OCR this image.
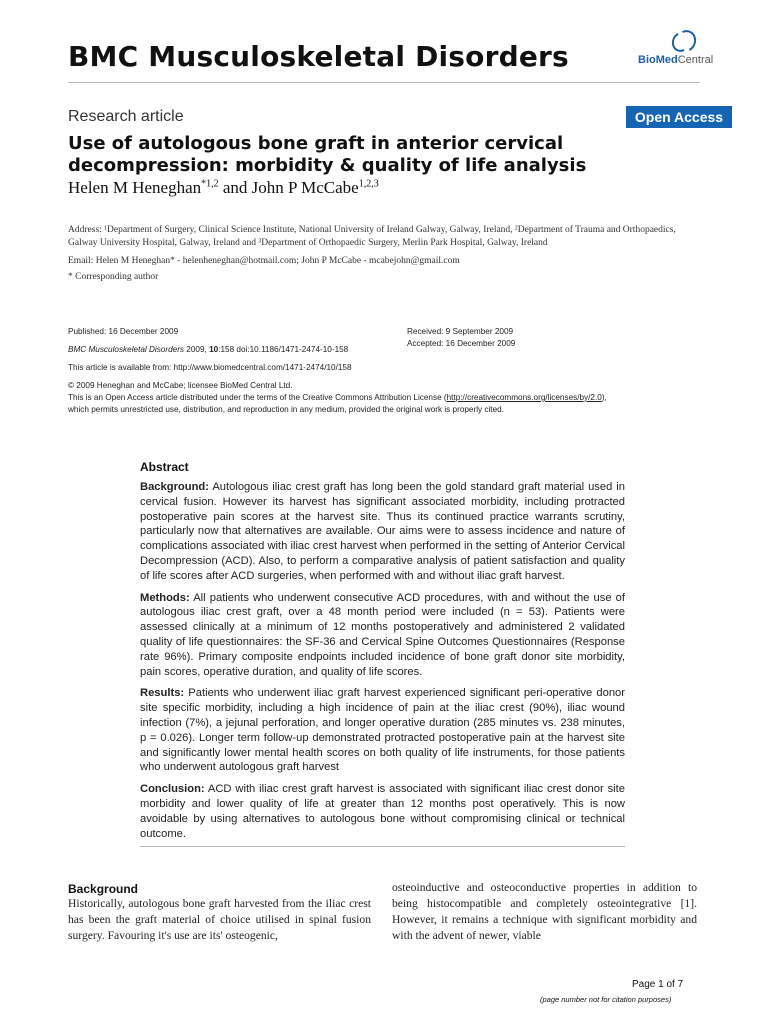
BMC Musculoskeletal Disorders	BioMedCentral
Research article	Open Access
Use of autologous bone graft in anterior cervical decompression: morbidity & quality of life analysis
Helen M Heneghan$^{*1,2}$ and John P McCabe$^{1,2,3}$
Address: ¹Department of Surgery, Clinical Science Institute, National University of Ireland Galway, Galway, Ireland, ²Department of Trauma and Orthopaedics, Galway University Hospital, Galway, Ireland and ³Department of Orthopaedic Surgery, Merlin Park Hospital, Galway, Ireland
Email: Helen M Heneghan* - helenheneghan@hotmail.com; John P McCabe - mcabejohn@gmail.com
* Corresponding author
Published: 16 December 2009
BMC Musculoskeletal Disorders 2009, 10:158 doi:10.1186/1471-2474-10-158
Received: 9 September 2009
Accepted: 16 December 2009
This article is available from: http://www.biomedcentral.com/1471-2474/10/158
© 2009 Heneghan and McCabe; licensee BioMed Central Ltd.
This is an Open Access article distributed under the terms of the Creative Commons Attribution License (http://creativecommons.org/licenses/by/2.0),
which permits unrestricted use, distribution, and reproduction in any medium, provided the original work is properly cited.
Abstract

Background: Autologous iliac crest graft has long been the gold standard graft material used in cervical fusion. However its harvest has significant associated morbidity, including protracted postoperative pain scores at the harvest site. Thus its continued practice warrants scrutiny, particularly now that alternatives are available. Our aims were to assess incidence and nature of complications associated with iliac crest harvest when performed in the setting of Anterior Cervical Decompression (ACD). Also, to perform a comparative analysis of patient satisfaction and quality of life scores after ACD surgeries, when performed with and without iliac graft harvest.

Methods: All patients who underwent consecutive ACD procedures, with and without the use of autologous iliac crest graft, over a 48 month period were included (n = 53). Patients were assessed clinically at a minimum of 12 months postoperatively and administered 2 validated quality of life questionnaires: the SF-36 and Cervical Spine Outcomes Questionnaires (Response rate 96%). Primary composite endpoints included incidence of bone graft donor site morbidity, pain scores, operative duration, and quality of life scores.

Results: Patients who underwent iliac graft harvest experienced significant peri-operative donor site specific morbidity, including a high incidence of pain at the iliac crest (90%), iliac wound infection (7%), a jejunal perforation, and longer operative duration (285 minutes vs. 238 minutes, p = 0.026). Longer term follow-up demonstrated protracted postoperative pain at the harvest site and significantly lower mental health scores on both quality of life instruments, for those patients who underwent autologous graft harvest

Conclusion: ACD with iliac crest graft harvest is associated with significant iliac crest donor site morbidity and lower quality of life at greater than 12 months post operatively. This is now avoidable by using alternatives to autologous bone without compromising clinical or technical outcome.

Background
Historically, autologous bone graft harvested from the iliac crest has been the graft material of choice utilised in spinal fusion surgery. Favouring it's use are its' osteogenic,
osteoinductive and osteoconductive properties in addition to being histocompatible and completely osteointegrative [1]. However, it remains a technique with significant morbidity and with the advent of newer, viable
Page 1 of 7
(page number not for citation purposes)
